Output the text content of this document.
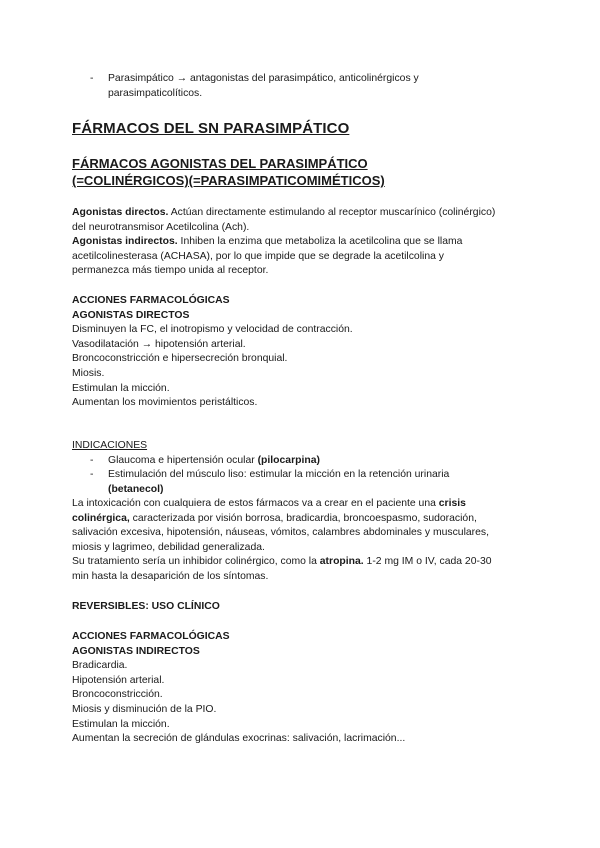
- Parasimpático → antagonistas del parasimpático, anticolinérgicos y
parasimpaticolíticos.
FÁRMACOS DEL SN PARASIMPÁTICO
FÁRMACOS AGONISTAS DEL PARASIMPÁTICO
(=COLINÉRGICOS)(=PARASIMPATICOMIMÉTICOS)
Agonistas directos. Actúan directamente estimulando al receptor muscarínico (colinérgico)
del neurotransmisor Acetilcolina (Ach).
Agonistas indirectos. Inhiben la enzima que metaboliza la acetilcolina que se llama
acetilcolinesterasa (ACHASA), por lo que impide que se degrade la acetilcolina y
permanezca más tiempo unida al receptor.
ACCIONES FARMACOLÓGICAS
AGONISTAS DIRECTOS
Disminuyen la FC, el inotropismo y velocidad de contracción.
Vasodilatación → hipotensión arterial.
Broncoconstricción e hipersecreción bronquial.
Miosis.
Estimulan la micción.
Aumentan los movimientos peristálticos.
INDICACIONES
- Glaucoma e hipertensión ocular (pilocarpina)
- Estimulación del músculo liso: estimular la micción en la retención urinaria
(betanecol)
La intoxicación con cualquiera de estos fármacos va a crear en el paciente una crisis
colinérgica, caracterizada por visión borrosa, bradicardia, broncoespasmo, sudoración,
salivación excesiva, hipotensión, náuseas, vómitos, calambres abdominales y musculares,
miosis y lagrimeo, debilidad generalizada.
Su tratamiento sería un inhibidor colinérgico, como la atropina. 1-2 mg IM o IV, cada 20-30
min hasta la desaparición de los síntomas.
REVERSIBLES: USO CLÍNICO
ACCIONES FARMACOLÓGICAS
AGONISTAS INDIRECTOS
Bradicardia.
Hipotensión arterial.
Broncoconstricción.
Miosis y disminución de la PIO.
Estimulan la micción.
Aumentan la secreción de glándulas exocrinas: salivación, lacrimación...
